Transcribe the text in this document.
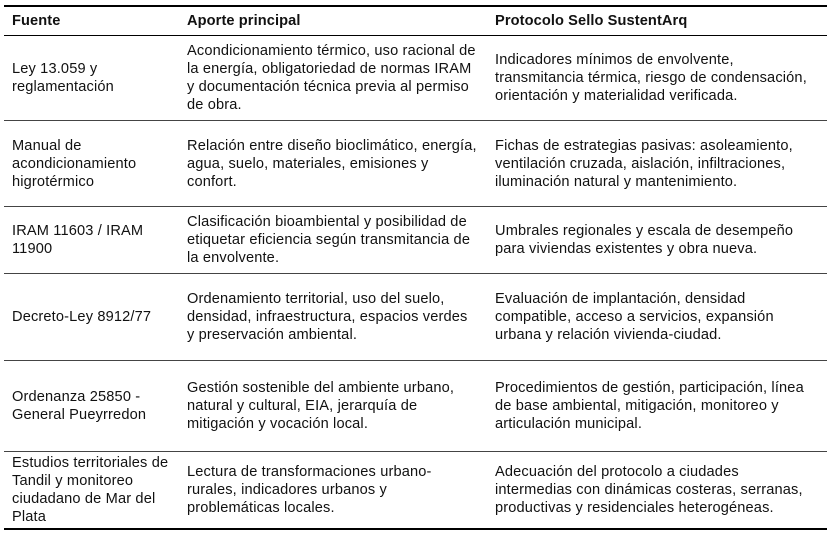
Fuente	Aporte principal	Protocolo Sello SustentArq
Ley 13.059 y reglamentación	Acondicionamiento térmico, uso racional de la energía, obligatoriedad de normas IRAM y documentación técnica previa al permiso de obra.	Indicadores mínimos de envolvente, transmitancia térmica, riesgo de condensación, orientación y materialidad verificada.
Manual de acondicionamiento higrotérmico	Relación entre diseño bioclimático, energía, agua, suelo, materiales, emisiones y confort.	Fichas de estrategias pasivas: asoleamiento, ventilación cruzada, aislación, infiltraciones, iluminación natural y mantenimiento.
IRAM 11603 / IRAM 11900	Clasificación bioambiental y posibilidad de etiquetar eficiencia según transmitancia de la envolvente.	Umbrales regionales y escala de desempeño para viviendas existentes y obra nueva.
Decreto-Ley 8912/77	Ordenamiento territorial, uso del suelo, densidad, infraestructura, espacios verdes y preservación ambiental.	Evaluación de implantación, densidad compatible, acceso a servicios, expansión urbana y relación vivienda-ciudad.
Ordenanza 25850 - General Pueyrredon	Gestión sostenible del ambiente urbano, natural y cultural, EIA, jerarquía de mitigación y vocación local.	Procedimientos de gestión, participación, línea de base ambiental, mitigación, monitoreo y articulación municipal.
Estudios territoriales de Tandil y monitoreo ciudadano de Mar del Plata	Lectura de transformaciones urbano-rurales, indicadores urbanos y problemáticas locales.	Adecuación del protocolo a ciudades intermedias con dinámicas costeras, serranas, productivas y residenciales heterogéneas.
